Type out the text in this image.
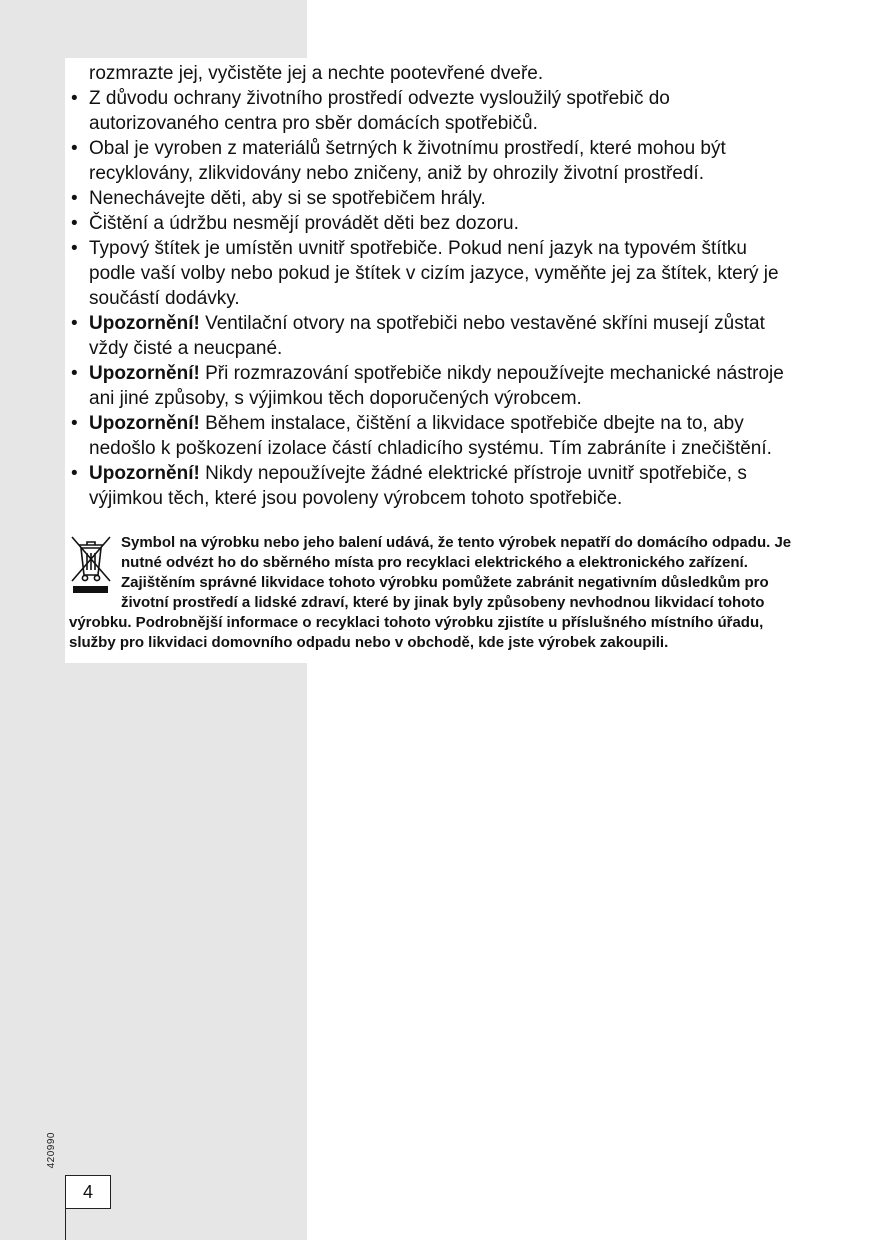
rozmrazte jej, vyčistěte jej a nechte pootevřené dveře.
• Z důvodu ochrany životního prostředí odvezte vysloužilý spotřebič do autorizovaného centra pro sběr domácích spotřebičů.
• Obal je vyroben z materiálů šetrných k životnímu prostředí, které mohou být recyklovány, zlikvidovány nebo zničeny, aniž by ohrozily životní prostředí.
• Nenechávejte děti, aby si se spotřebičem hrály.
• Čištění a údržbu nesmějí provádět děti bez dozoru.
• Typový štítek je umístěn uvnitř spotřebiče. Pokud není jazyk na typovém štítku podle vaší volby nebo pokud je štítek v cizím jazyce, vyměňte jej za štítek, který je součástí dodávky.
• Upozornění! Ventilační otvory na spotřebiči nebo vestavěné skříni musejí zůstat vždy čisté a neucpané.
• Upozornění! Při rozmrazování spotřebiče nikdy nepoužívejte mechanické nástroje ani jiné způsoby, s výjimkou těch doporučených výrobcem.
• Upozornění! Během instalace, čištění a likvidace spotřebiče dbejte na to, aby nedošlo k poškození izolace částí chladicího systému. Tím zabráníte i znečištění.
• Upozornění! Nikdy nepoužívejte žádné elektrické přístroje uvnitř spotřebiče, s výjimkou těch, které jsou povoleny výrobcem tohoto spotřebiče.

Symbol na výrobku nebo jeho balení udává, že tento výrobek nepatří do domácího odpadu. Je nutné odvézt ho do sběrného místa pro recyklaci elektrického a elektronického zařízení. Zajištěním správné likvidace tohoto výrobku pomůžete zabránit negativním důsledkům pro životní prostředí a lidské zdraví, které by jinak byly způsobeny nevhodnou likvidací tohoto výrobku. Podrobnější informace o recyklaci tohoto výrobku zjistíte u příslušného místního úřadu, služby pro likvidaci domovního odpadu nebo v obchodě, kde jste výrobek zakoupili.

420990
4
